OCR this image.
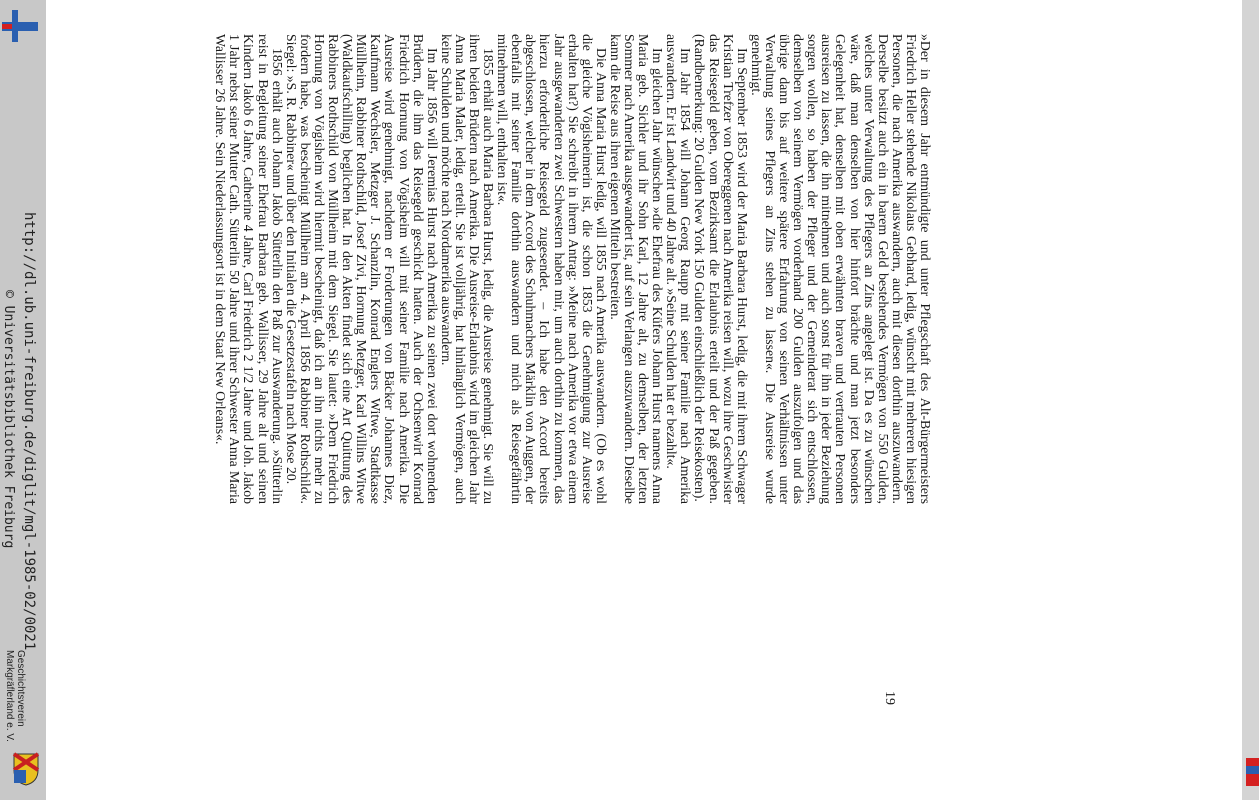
http://dl.ub.uni-freiburg.de/diglit/mgl-1985-02/0021
© Universitätsbibliothek Freiburg
Geschichtsverein
Markgräflerland e. V.

»Der in diesem Jahr entmündigte und unter Pflegschaft des Alt-Bürgermeisters Friedrich Heller stehende Nikolaus Gebhard, ledig, wünscht mit mehreren hiesigen Personen, die nach Amerika auswandern, auch mit diesen dorthin auszuwandern. Derselbe besitzt auch ein in barem Geld bestehendes Vermögen von 550 Gulden, welches unter Verwaltung des Pflegers an Zins angelegt ist. Da es zu wünschen wäre, daß man denselben von hier hinfort brächte und man jetzt besonders Gelegenheit hat, denselben mit oben erwähnten braven und vertrauten Personen ausreisen zu lassen, die ihn mitnehmen und auch sonst für ihn in jeder Beziehung sorgen wollen, so haben der Pfleger und der Gemeinderat sich entschlossen, demselben von seinem Vermögen vorderhand 200 Gulden auszufolgen und das übrige dann bis auf weitere spätere Erfahrung von seinen Verhältnissen unter Verwaltung seines Pflegers an Zins stehen zu lassen«. Die Ausreise wurde genehmigt.

Im September 1853 wird der Maria Barbara Hurst, ledig, die mit ihrem Schwager Kristian Trefzer von Obereggenen nach Amerika reisen will, wozu ihre Geschwister das Reisegeld geben, vom Bezirksamt die Erlaubnis erteilt und der Paß gegeben. (Randbemerkung: 20 Gulden New York 150 Gulden einschließlich der Reisekosten).

Im Jahr 1854 will Johann Georg Raupp mit seiner Familie nach Amerika auswandern. Er ist Landwirt und 40 Jahre alt. »Seine Schulden hat er bezahlt«.

Im gleichen Jahr wünschen »die Ehefrau des Küfers Johann Hurst namens Anna Maria geb. Sichler und ihr Sohn Karl, 12 Jahre alt, zu demselben, der letzten Sommer nach Amerika ausgewandert ist, auf sein Verlangen auszuwandern. Dieselbe kann die Reise aus ihren eigenen Mitteln bestreiten.

Die Anna Maria Hurst ledig, will 1855 nach Amerika auswandern. (Ob es wohl die gleiche Vögisheimerin ist, die schon 1853 die Genehmigung zur Ausreise erhalten hat?) Sie schreibt in ihrem Antrag: »Meine nach Amerika vor etwa einem Jahr ausgewanderten zwei Schwestern haben mir, um auch dorthin zu kommen, das hierzu erforderliche Reisegeld zugesendet. – Ich habe den Accord bereits abgeschlossen, welcher in dem Accord des Schuhmachers Märklin von Auggen, der ebenfalls mit seiner Familie dorthin auswandern und mich als Reisegefährtin mitnehmen will, enthalten ist«.

1855 erhält auch Maria Barbara Hurst, ledig, die Ausreise genehmigt. Sie will zu ihren beiden Brüdern nach Amerika. Die Ausreise-Erlaubnis wird im gleichen Jahr Anna Maria Maler, ledig, erteilt. Sie ist volljährig, hat hinlänglich Vermögen, auch keine Schulden und möchte nach Nordamerika auswandern.

Im Jahr 1856 will Jeremias Hurst nach Amerika zu seinen zwei dort wohnenden Brüdern, die ihm das Reisegeld geschickt hatten. Auch der Ochsenwirt Konrad Friedrich Hornung von Vögisheim will mit seiner Familie nach Amerika. Die Ausreise wird genehmigt, nachdem er Forderungen von Bäcker Johannes Diez, Kaufmann Wechsler, Metzger J. Schanzlin, Konrad Englers Witwe, Stadtkasse Müllheim, Rabbiner Rothschild, Josef Zivi, Hornung Metzger, Karl Willins Witwe (Waldkaufschilling) beglichen hat. In den Akten findet sich eine Art Quittung des Rabbiners Rothschild von Müllheim mit dem Siegel. Sie lautet: »Dem Friedrich Hornung von Vögisheim wird hiermit bescheinigt, daß ich an ihn nichts mehr zu fordern habe, was bescheinigt Müllheim am 4. April 1856 Rabbiner Rothschild«. Siegel: »S. R. Rabbiner« und über den Initialen die Gesetzestafeln nach Mose 20.

1856 erhält auch Johann Jakob Sütterlin den Paß zur Auswanderung. »Sütterlin reist in Begleitung seiner Ehefrau Barbara geb. Wallisser, 29 Jahre alt und seinen Kindern Jakob 6 Jahre, Catherine 4 Jahre, Carl Friedrich 2 1/2 Jahre und Joh. Jakob 1 Jahr nebst seiner Mutter Cath. Sütterlin 50 Jahre und ihrer Schwester Anna Maria Wallisser 26 Jahre. Sein Niederlassungsort ist in dem Staat New Orleans«.

19
